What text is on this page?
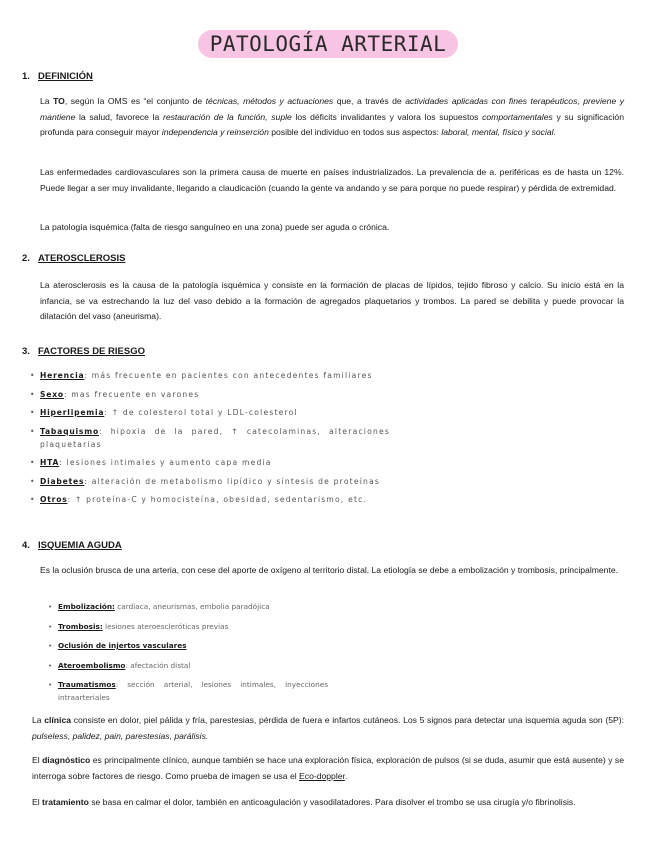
PATOLOGÍA ARTERIAL
1. DEFINICIÓN

La TO, según la OMS es “el conjunto de técnicas, métodos y actuaciones que, a través de actividades aplicadas con fines terapéuticos, previene y mantiene la salud, favorece la restauración de la función, suple los déficits invalidantes y valora los supuestos comportamentales y su significación profunda para conseguir mayor independencia y reinserción posible del individuo en todos sus aspectos: laboral, mental, físico y social.

Las enfermedades cardiovasculares son la primera causa de muerte en países industrializados. La prevalencia de a. periféricas es de hasta un 12%. Puede llegar a ser muy invalidante, llegando a claudicación (cuando la gente va andando y se para porque no puede respirar) y pérdida de extremidad.

La patología isquémica (falta de riesgo sanguíneo en una zona) puede ser aguda o crónica.

2. ATEROSCLEROSIS

La aterosclerosis es la causa de la patología isquémica y consiste en la formación de placas de lípidos, tejido fibroso y calcio. Su inicio está en la infancia, se va estrechando la luz del vaso debido a la formación de agregados plaquetarios y trombos. La pared se debilita y puede provocar la dilatación del vaso (aneurisma).

3. FACTORES DE RIESGO
• Herencia: más frecuente en pacientes con antecedentes familiares
• Sexo: mas frecuente en varones
• Hiperlipemia: ↑ de colesterol total y LDL-colesterol
• Tabaquismo: hipoxia de la pared, ↑ catecolaminas, alteraciones plaquetarias
• HTA: lesiones intimales y aumento capa media
• Diabetes: alteración de metabolismo lipídico y síntesis de proteínas
• Otros: ↑ proteína-C y homocisteína, obesidad, sedentarismo, etc.
4. ISQUEMIA AGUDA

Es la oclusión brusca de una arteria, con cese del aporte de oxígeno al territorio distal. La etiología se debe a embolización y trombosis, principalmente.

• Embolización: cardiaca, aneurismas, embolia paradójica
• Trombosis: lesiones ateroescleróticas previas
• Oclusión de injertos vasculares
• Ateroembolismo: afectación distal
• Traumatismos: sección arterial, lesiones intimales, inyecciones intraarteriales

La clínica consiste en dolor, piel pálida y fría, parestesias, pérdida de fuera e infartos cutáneos. Los 5 signos para detectar una isquemia aguda son (5P): pulseless, palidez, pain, parestesias, parálisis.

El diagnóstico es principalmente clínico, aunque también se hace una exploración física, exploración de pulsos (si se duda, asumir que está ausente) y se interroga sobre factores de riesgo. Como prueba de imagen se usa el Eco-doppler.

El tratamiento se basa en calmar el dolor, también en anticoagulación y vasodilatadores. Para disolver el trombo se usa cirugía y/o fibrinolisis.
